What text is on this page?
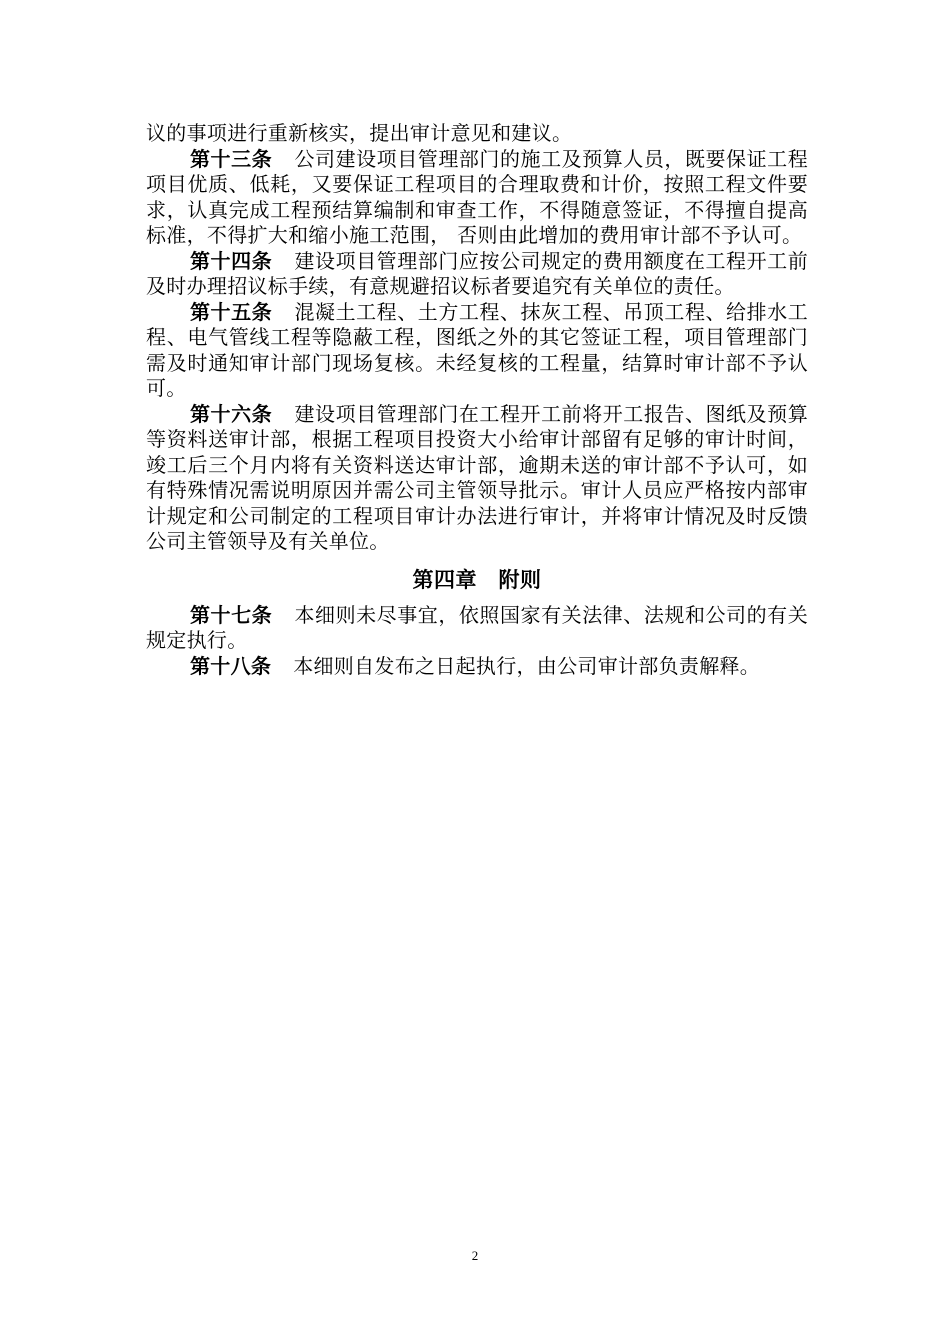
议的事项进行重新核实，提出审计意见和建议。

第十三条 公司建设项目管理部门的施工及预算人员，既要保证工程项目优质、低耗，又要保证工程项目的合理取费和计价，按照工程文件要求，认真完成工程预结算编制和审查工作，不得随意签证，不得擅自提高标准，不得扩大和缩小施工范围， 否则由此增加的费用审计部不予认可。

第十四条 建设项目管理部门应按公司规定的费用额度在工程开工前及时办理招议标手续，有意规避招议标者要追究有关单位的责任。

第十五条 混凝土工程、土方工程、抹灰工程、吊顶工程、给排水工程、电气管线工程等隐蔽工程，图纸之外的其它签证工程，项目管理部门需及时通知审计部门现场复核。未经复核的工程量，结算时审计部不予认可。

第十六条 建设项目管理部门在工程开工前将开工报告、图纸及预算等资料送审计部，根据工程项目投资大小给审计部留有足够的审计时间，竣工后三个月内将有关资料送达审计部，逾期未送的审计部不予认可，如有特殊情况需说明原因并需公司主管领导批示。审计人员应严格按内部审计规定和公司制定的工程项目审计办法进行审计，并将审计情况及时反馈公司主管领导及有关单位。

第四章　附则

第十七条 本细则未尽事宜，依照国家有关法律、法规和公司的有关规定执行。

第十八条 本细则自发布之日起执行，由公司审计部负责解释。

2
